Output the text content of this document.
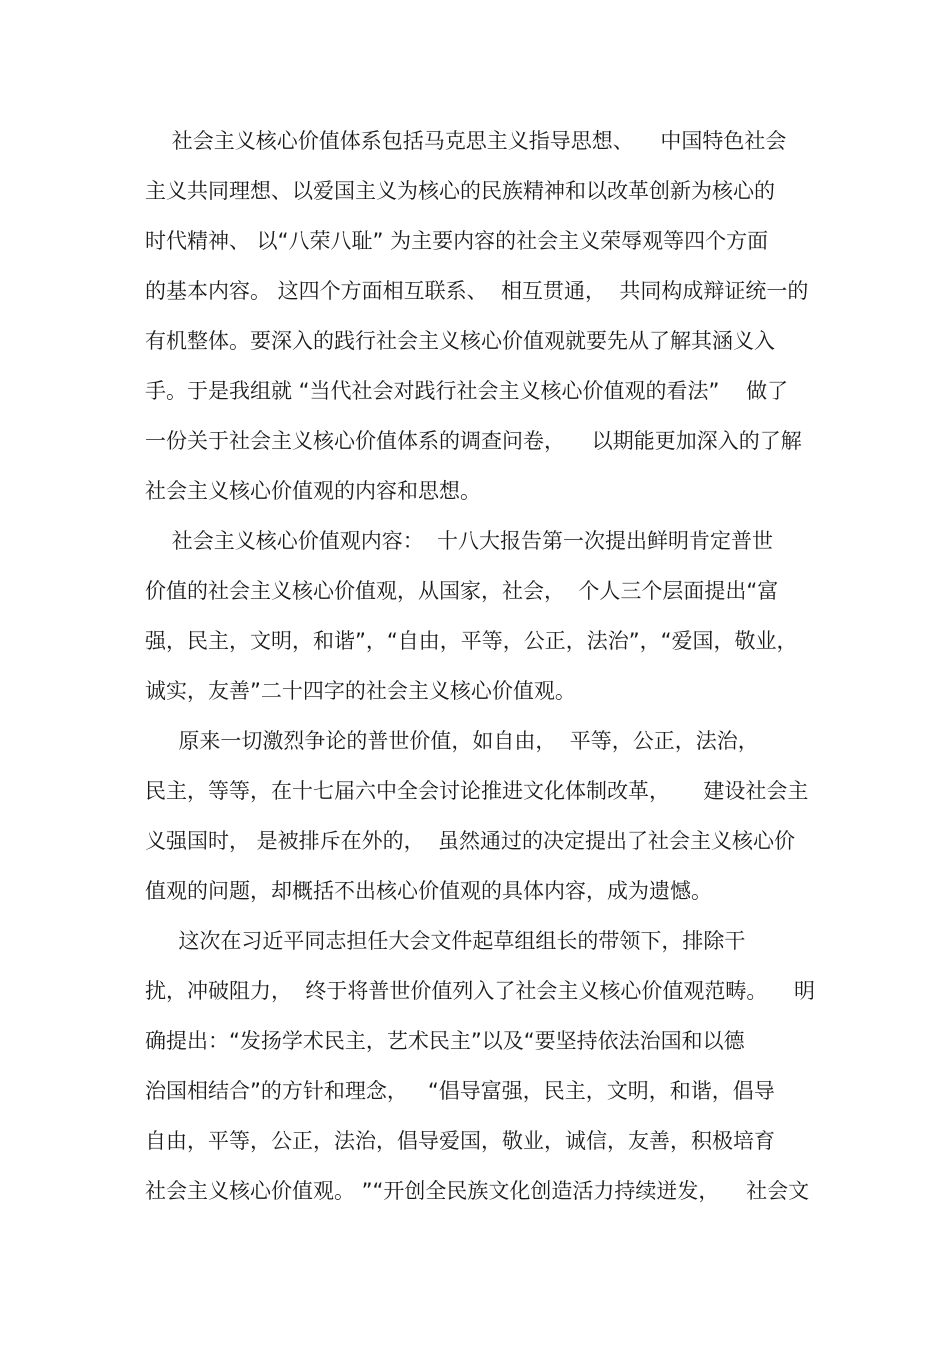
社会主义核心价值体系包括马克思主义指导思想、    中国特色社会

主义共同理想、以爱国主义为核心的民族精神和以改革创新为核心的

时代精神、 以“八荣八耻” 为主要内容的社会主义荣辱观等四个方面

的基本内容。 这四个方面相互联系、  相互贯通，  共同构成辩证统一的

有机整体。要深入的践行社会主义核心价值观就要先从了解其涵义入

手。于是我组就 “当代社会对践行社会主义核心价值观的看法”    做了

一份关于社会主义核心价值体系的调查问卷，    以期能更加深入的了解

社会主义核心价值观的内容和思想。

社会主义核心价值观内容：  十八大报告第一次提出鲜明肯定普世

价值的社会主义核心价值观，从国家，社会，  个人三个层面提出“富

强，民主，文明，和谐”，“自由，平等，公正，法治”，“爱国，敬业，

诚实，友善”二十四字的社会主义核心价值观。

原来一切激烈争论的普世价值，如自由，  平等，公正，法治，

民主，等等，在十七届六中全会讨论推进文化体制改革，     建设社会主

义强国时， 是被排斥在外的，  虽然通过的决定提出了社会主义核心价

值观的问题，却概括不出核心价值观的具体内容，成为遗憾。

这次在习近平同志担任大会文件起草组组长的带领下，排除干

扰，冲破阻力，  终于将普世价值列入了社会主义核心价值观范畴。    明

确提出：“发扬学术民主，艺术民主”以及“要坚持依法治国和以德

治国相结合”的方针和理念，   “倡导富强，民主，文明，和谐，倡导

自由，平等，公正，法治，倡导爱国，敬业，诚信，友善，积极培育

社会主义核心价值观。 ”“开创全民族文化创造活力持续迸发，    社会文
